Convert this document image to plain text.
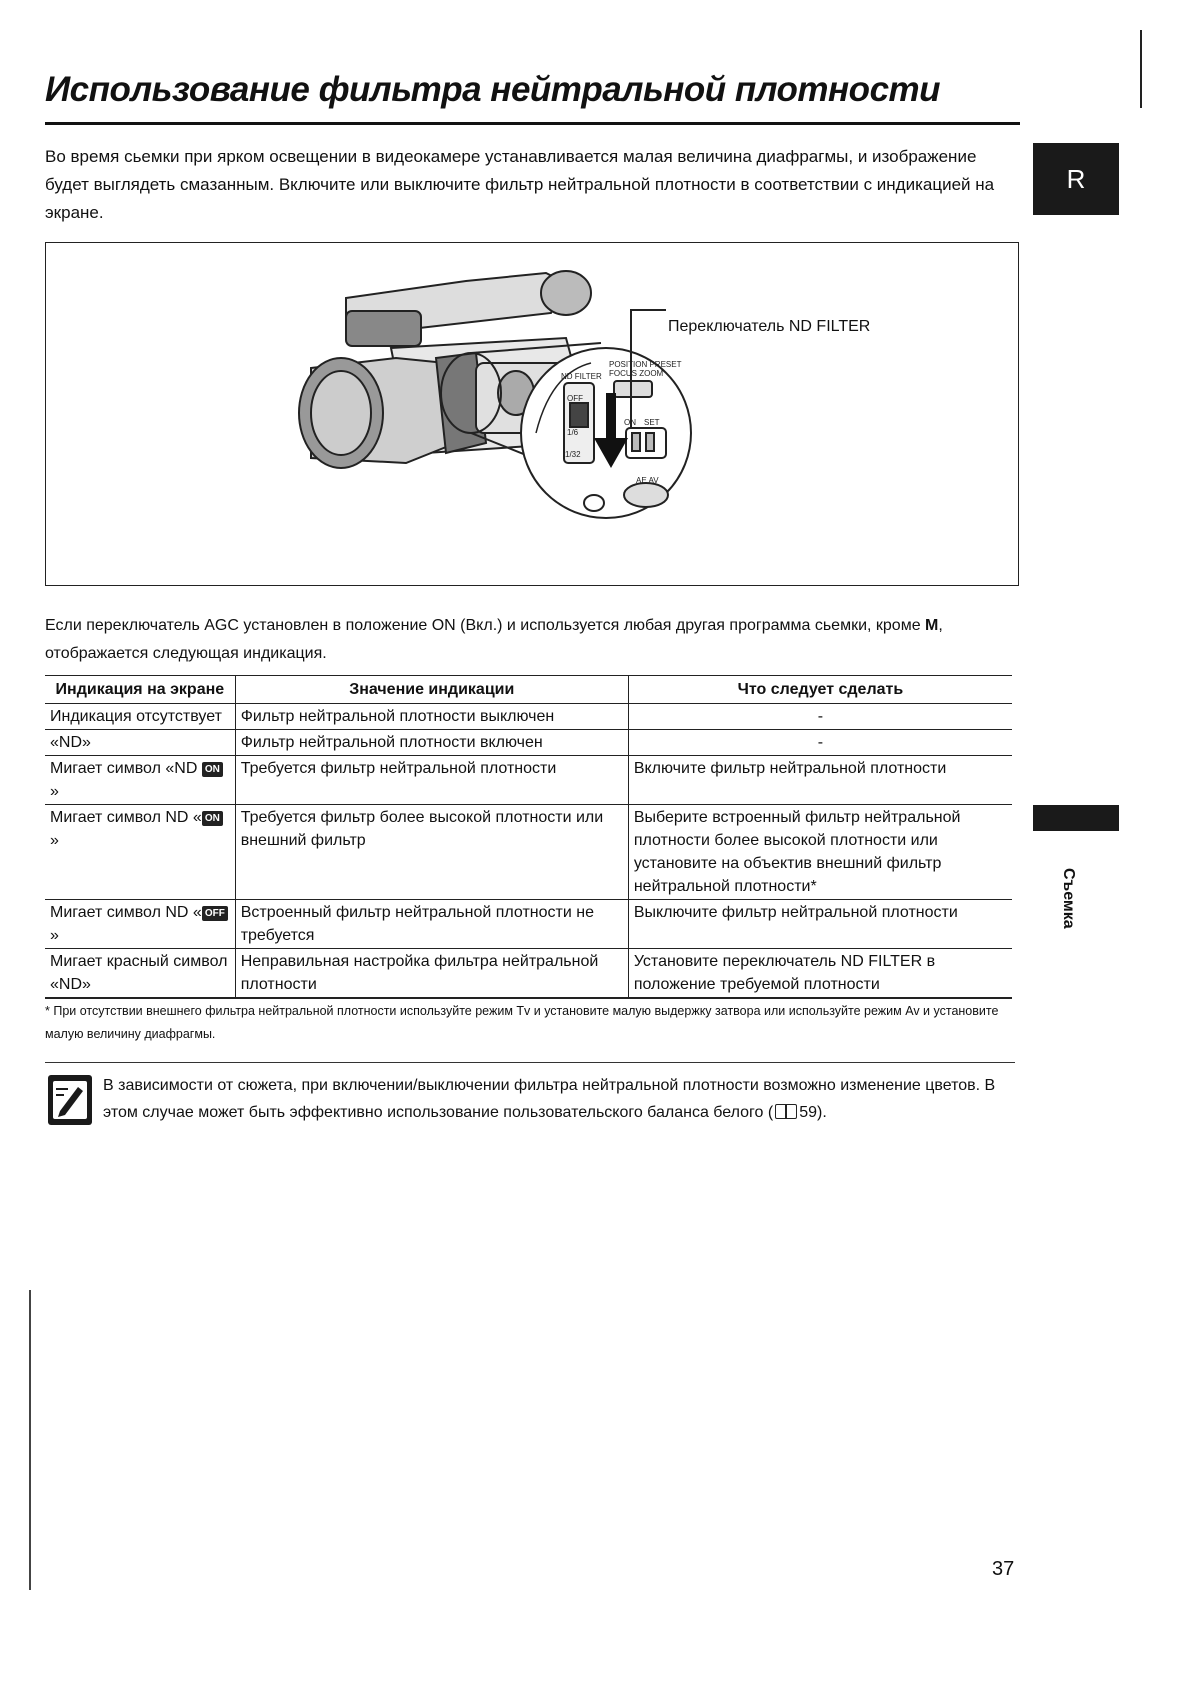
Использование фильтра нейтральной плотности
Во время сьемки при ярком освещении в видеокамере устанавливается малая величина диафрагмы, и изображение будет выглядеть смазанным. Включите или выключите фильтр нейтральной плотности в соответствии с индикацией на экране.
R
Съемка
ND FILTER
OFF
1/6
1/32
POSITION PRESET
FOCUS ZOOM
ON SET
AE AV
Переключатель ND FILTER
Если переключатель AGC установлен в положение ON (Вкл.) и используется любая другая программа сьемки, кроме M, отображается следующая индикация.
Индикация на экране	Значение индикации	Что следует сделать
Индикация отсутствует	Фильтр нейтральной плотности выключен	-
«ND»	Фильтр нейтральной плотности включен	-
Мигает символ «ND ON»	Требуется фильтр нейтральной плотности	Включите фильтр нейтральной плотности
Мигает символ ND « ON»	Требуется фильтр более высокой плотности или внешний фильтр	Выберите встроенный фильтр нейтральной плотности более высокой плотности или установите на объектив внешний фильтр нейтральной плотности*
Мигает символ ND « OFF»	Встроенный фильтр нейтральной плотности не требуется	Выключите фильтр нейтральной плотности
Мигает красный символ «ND»	Неправильная настройка фильтра нейтральной плотности	Установите переключатель ND FILTER в положение требуемой плотности
* При отсутствии внешнего фильтра нейтральной плотности используйте режим Tv и установите малую выдержку затвора или используйте режим Av и установите малую величину диафрагмы.
В зависимости от сюжета, при включении/выключении фильтра нейтральной плотности возможно изменение цветов. В этом случае может быть эффективно использование пользовательского баланса белого ( 59).
37
